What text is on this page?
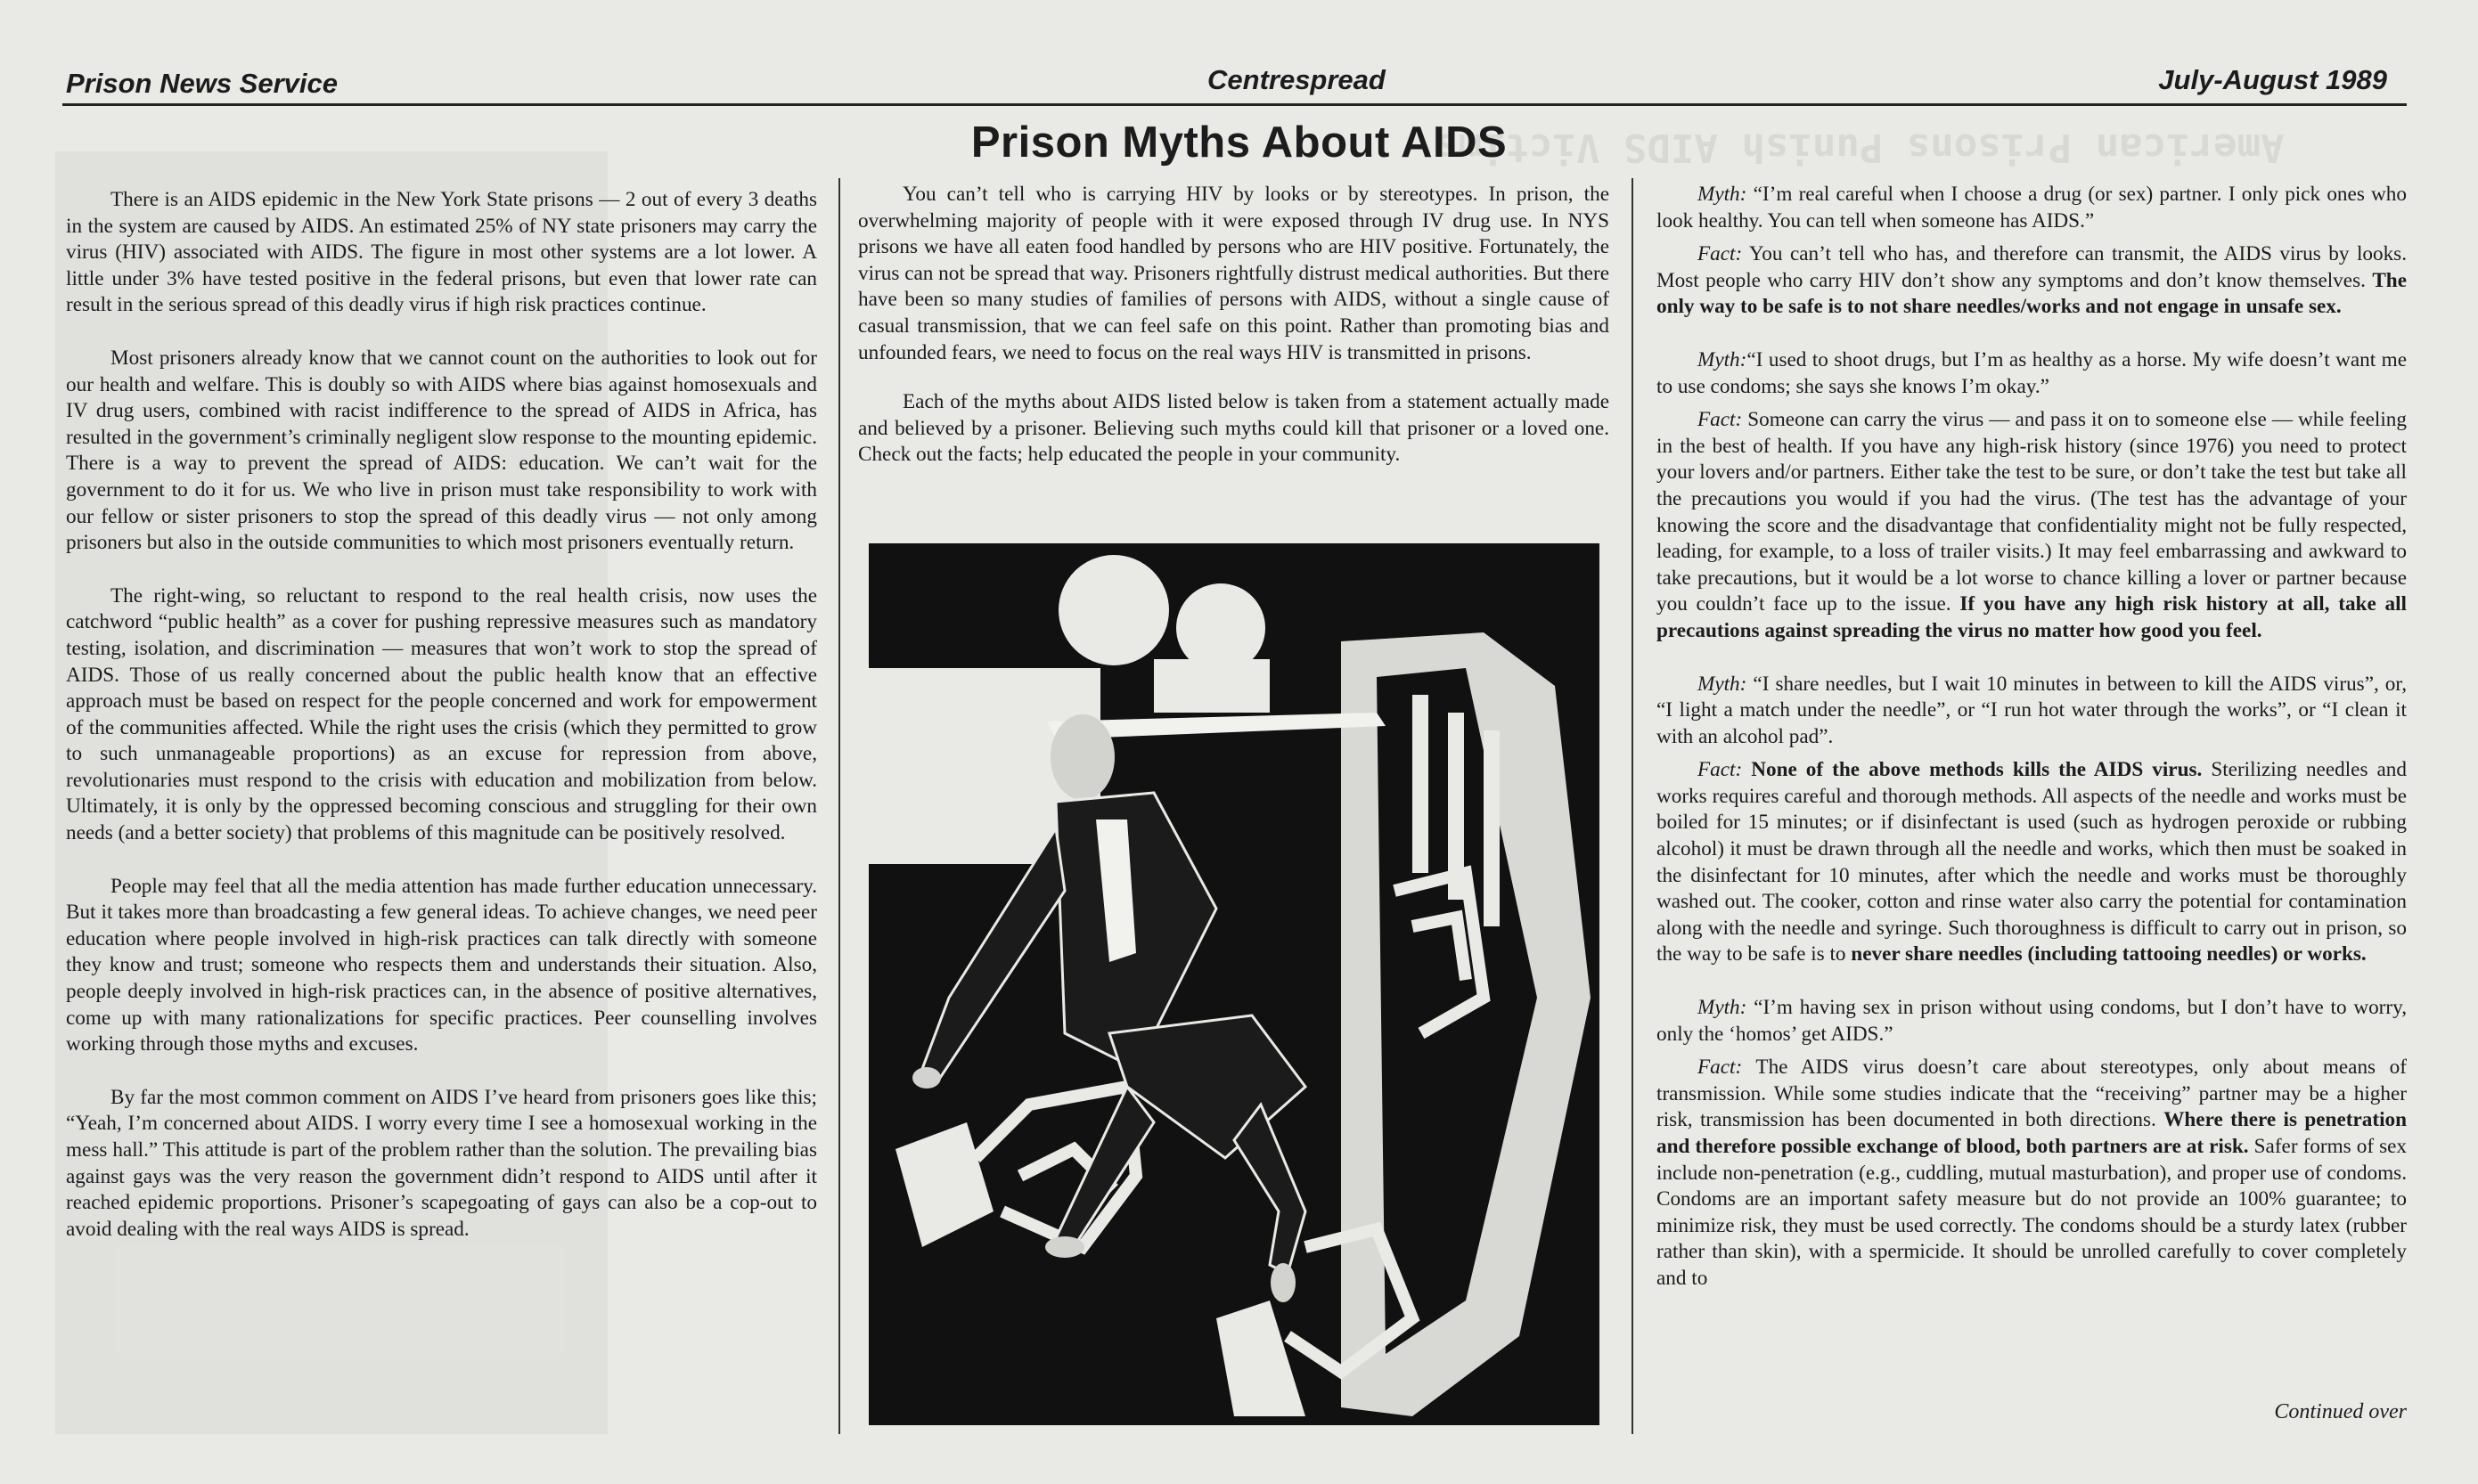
American Prisons Punish AIDS Victims
Prison News Service	Centrespread	July-August 1989
Prison Myths About AIDS

There is an AIDS epidemic in the New York State prisons — 2 out of every 3 deaths in the system are caused by AIDS. An estimated 25% of NY state prisoners may carry the virus (HIV) associated with AIDS. The figure in most other systems are a lot lower. A little under 3% have tested positive in the federal prisons, but even that lower rate can result in the serious spread of this deadly virus if high risk practices continue.

Most prisoners already know that we cannot count on the authorities to look out for our health and welfare. This is doubly so with AIDS where bias against homosexuals and IV drug users, combined with racist indifference to the spread of AIDS in Africa, has resulted in the government’s criminally negligent slow response to the mounting epidemic. There is a way to prevent the spread of AIDS: education. We can’t wait for the government to do it for us. We who live in prison must take responsibility to work with our fellow or sister prisoners to stop the spread of this deadly virus — not only among prisoners but also in the outside communities to which most prisoners eventually return.

The right-wing, so reluctant to respond to the real health crisis, now uses the catchword “public health” as a cover for pushing repressive measures such as mandatory testing, isolation, and discrimination — measures that won’t work to stop the spread of AIDS. Those of us really concerned about the public health know that an effective approach must be based on respect for the people concerned and work for empowerment of the communities affected. While the right uses the crisis (which they permitted to grow to such unmanageable proportions) as an excuse for repression from above, revolutionaries must respond to the crisis with education and mobilization from below. Ultimately, it is only by the oppressed becoming conscious and struggling for their own needs (and a better society) that problems of this magnitude can be positively resolved.

People may feel that all the media attention has made further education unnecessary. But it takes more than broadcasting a few general ideas. To achieve changes, we need peer education where people involved in high-risk practices can talk directly with someone they know and trust; someone who respects them and understands their situation. Also, people deeply involved in high-risk practices can, in the absence of positive alternatives, come up with many rationalizations for specific practices. Peer counselling involves working through those myths and excuses.

By far the most common comment on AIDS I’ve heard from prisoners goes like this; “Yeah, I’m concerned about AIDS. I worry every time I see a homosexual working in the mess hall.” This attitude is part of the problem rather than the solution. The prevailing bias against gays was the very reason the government didn’t respond to AIDS until after it reached epidemic proportions. Prisoner’s scapegoating of gays can also be a cop-out to avoid dealing with the real ways AIDS is spread.

You can’t tell who is carrying HIV by looks or by stereotypes. In prison, the overwhelming majority of people with it were exposed through IV drug use. In NYS prisons we have all eaten food handled by persons who are HIV positive. Fortunately, the virus can not be spread that way. Prisoners rightfully distrust medical authorities. But there have been so many studies of families of persons with AIDS, without a single cause of casual transmission, that we can feel safe on this point. Rather than promoting bias and unfounded fears, we need to focus on the real ways HIV is transmitted in prisons.

Each of the myths about AIDS listed below is taken from a statement actually made and believed by a prisoner. Believing such myths could kill that prisoner or a loved one. Check out the facts; help educated the people in your community.

Myth: “I’m real careful when I choose a drug (or sex) partner. I only pick ones who look healthy. You can tell when someone has AIDS.”

Fact: You can’t tell who has, and therefore can transmit, the AIDS virus by looks. Most people who carry HIV don’t show any symptoms and don’t know themselves. The only way to be safe is to not share needles/works and not engage in unsafe sex.

Myth:“I used to shoot drugs, but I’m as healthy as a horse. My wife doesn’t want me to use condoms; she says she knows I’m okay.”

Fact: Someone can carry the virus — and pass it on to someone else — while feeling in the best of health. If you have any high-risk history (since 1976) you need to protect your lovers and/or partners. Either take the test to be sure, or don’t take the test but take all the precautions you would if you had the virus. (The test has the advantage of your knowing the score and the disadvantage that confidentiality might not be fully respected, leading, for example, to a loss of trailer visits.) It may feel embarrassing and awkward to take precautions, but it would be a lot worse to chance killing a lover or partner because you couldn’t face up to the issue. If you have any high risk history at all, take all precautions against spreading the virus no matter how good you feel.

Myth: “I share needles, but I wait 10 minutes in between to kill the AIDS virus”, or, “I light a match under the needle”, or “I run hot water through the works”, or “I clean it with an alcohol pad”.

Fact: None of the above methods kills the AIDS virus. Sterilizing needles and works requires careful and thorough methods. All aspects of the needle and works must be boiled for 15 minutes; or if disinfectant is used (such as hydrogen peroxide or rubbing alcohol) it must be drawn through all the needle and works, which then must be soaked in the disinfectant for 10 minutes, after which the needle and works must be thoroughly washed out. The cooker, cotton and rinse water also carry the potential for contamination along with the needle and syringe. Such thoroughness is difficult to carry out in prison, so the way to be safe is to never share needles (including tattooing needles) or works.

Myth: “I’m having sex in prison without using condoms, but I don’t have to worry, only the ‘homos’ get AIDS.”

Fact: The AIDS virus doesn’t care about stereotypes, only about means of transmission. While some studies indicate that the “receiving” partner may be a higher risk, transmission has been documented in both directions. Where there is penetration and therefore possible exchange of blood, both partners are at risk. Safer forms of sex include non-penetration (e.g., cuddling, mutual masturbation), and proper use of condoms. Condoms are an important safety measure but do not provide an 100% guarantee; to minimize risk, they must be used correctly. The condoms should be a sturdy latex (rubber rather than skin), with a spermicide. It should be unrolled carefully to cover completely and to

Continued over
